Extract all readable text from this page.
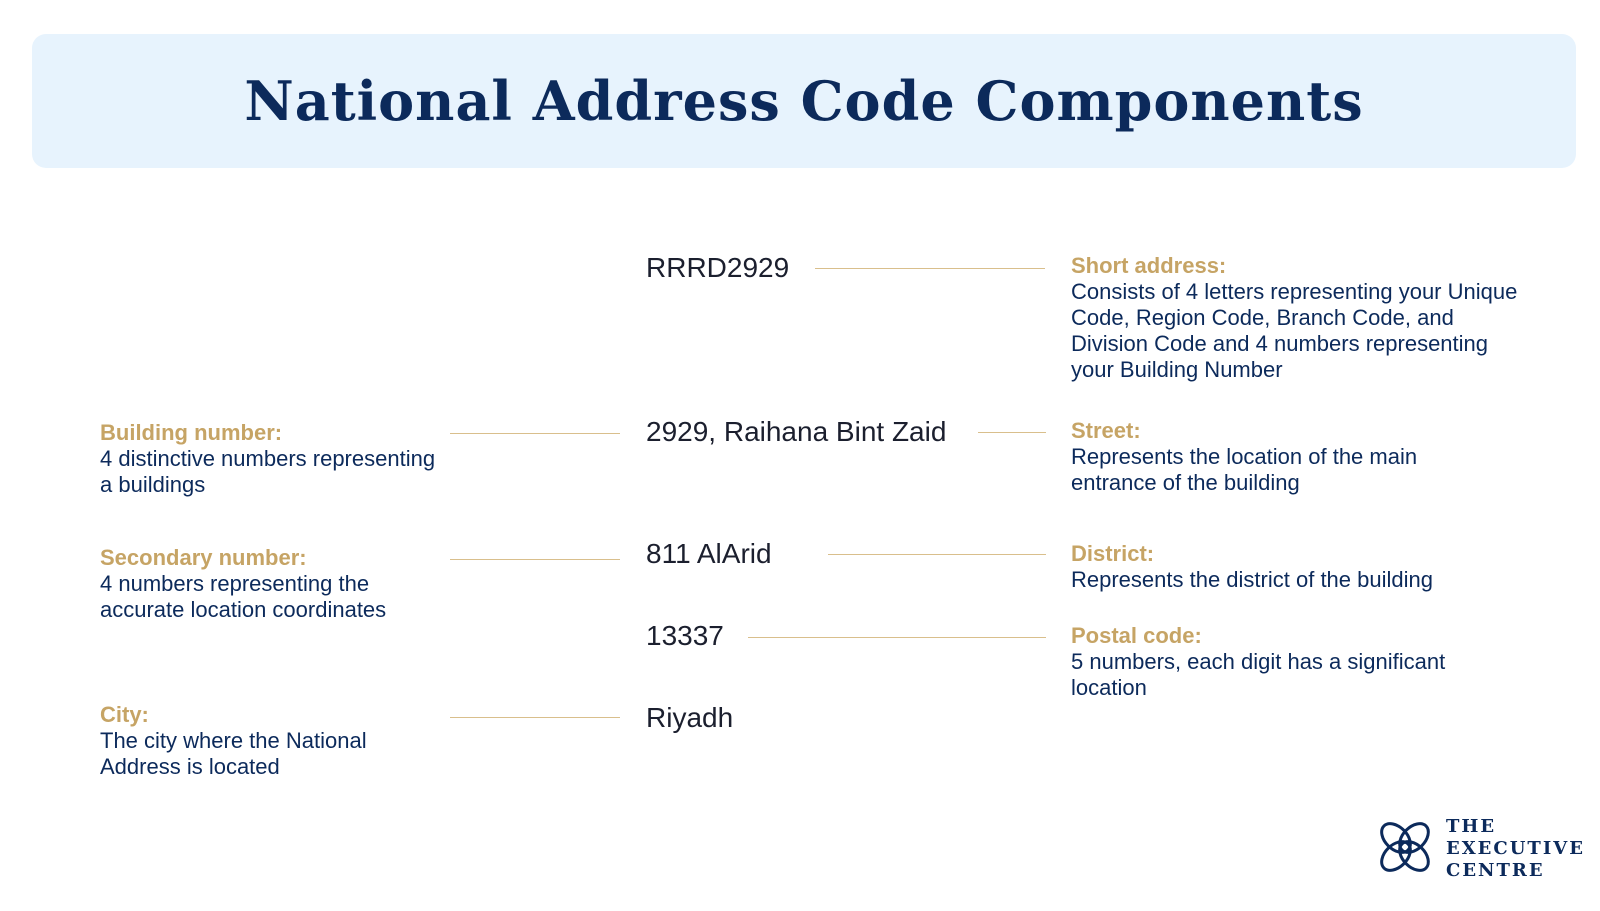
National Address Code Components
RRRD2929
2929, Raihana Bint Zaid
811 AlArid
13337
Riyadh
Building number:
4 distinctive numbers representing a buildings
Secondary number:
4 numbers representing the accurate location coordinates
City:
The city where the National Address is located
Short address:
Consists of 4 letters representing your Unique Code, Region Code, Branch Code, and Division Code and 4 numbers representing your Building Number
Street:
Represents the location of the main entrance of the building
District:
Represents the district of the building
Postal code:
5 numbers, each digit has a significant location
THE
EXECUTIVE
CENTRE
